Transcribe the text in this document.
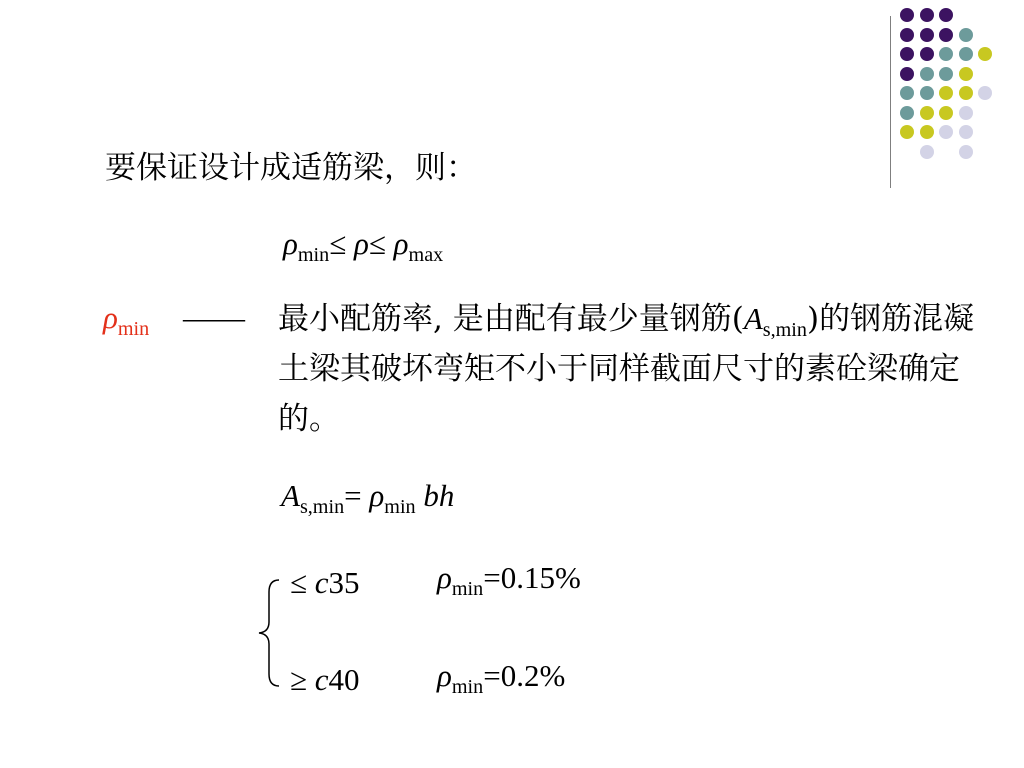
要保证设计成适筋梁，则：
$\rho_{min}\le \rho\le \rho_{max}$
$\rho_{min}$ —— 最小配筋率, 是由配有最少量钢筋$(A_{s,min})$的钢筋混凝土梁其破坏弯矩不小于同样截面尺寸的素砼梁确定的。
$A_{s,min}= \rho_{min}$ bh
≤ c35 $\rho_{min}=0.15\%$
≥ c40 $\rho_{min}=0.2\%$
